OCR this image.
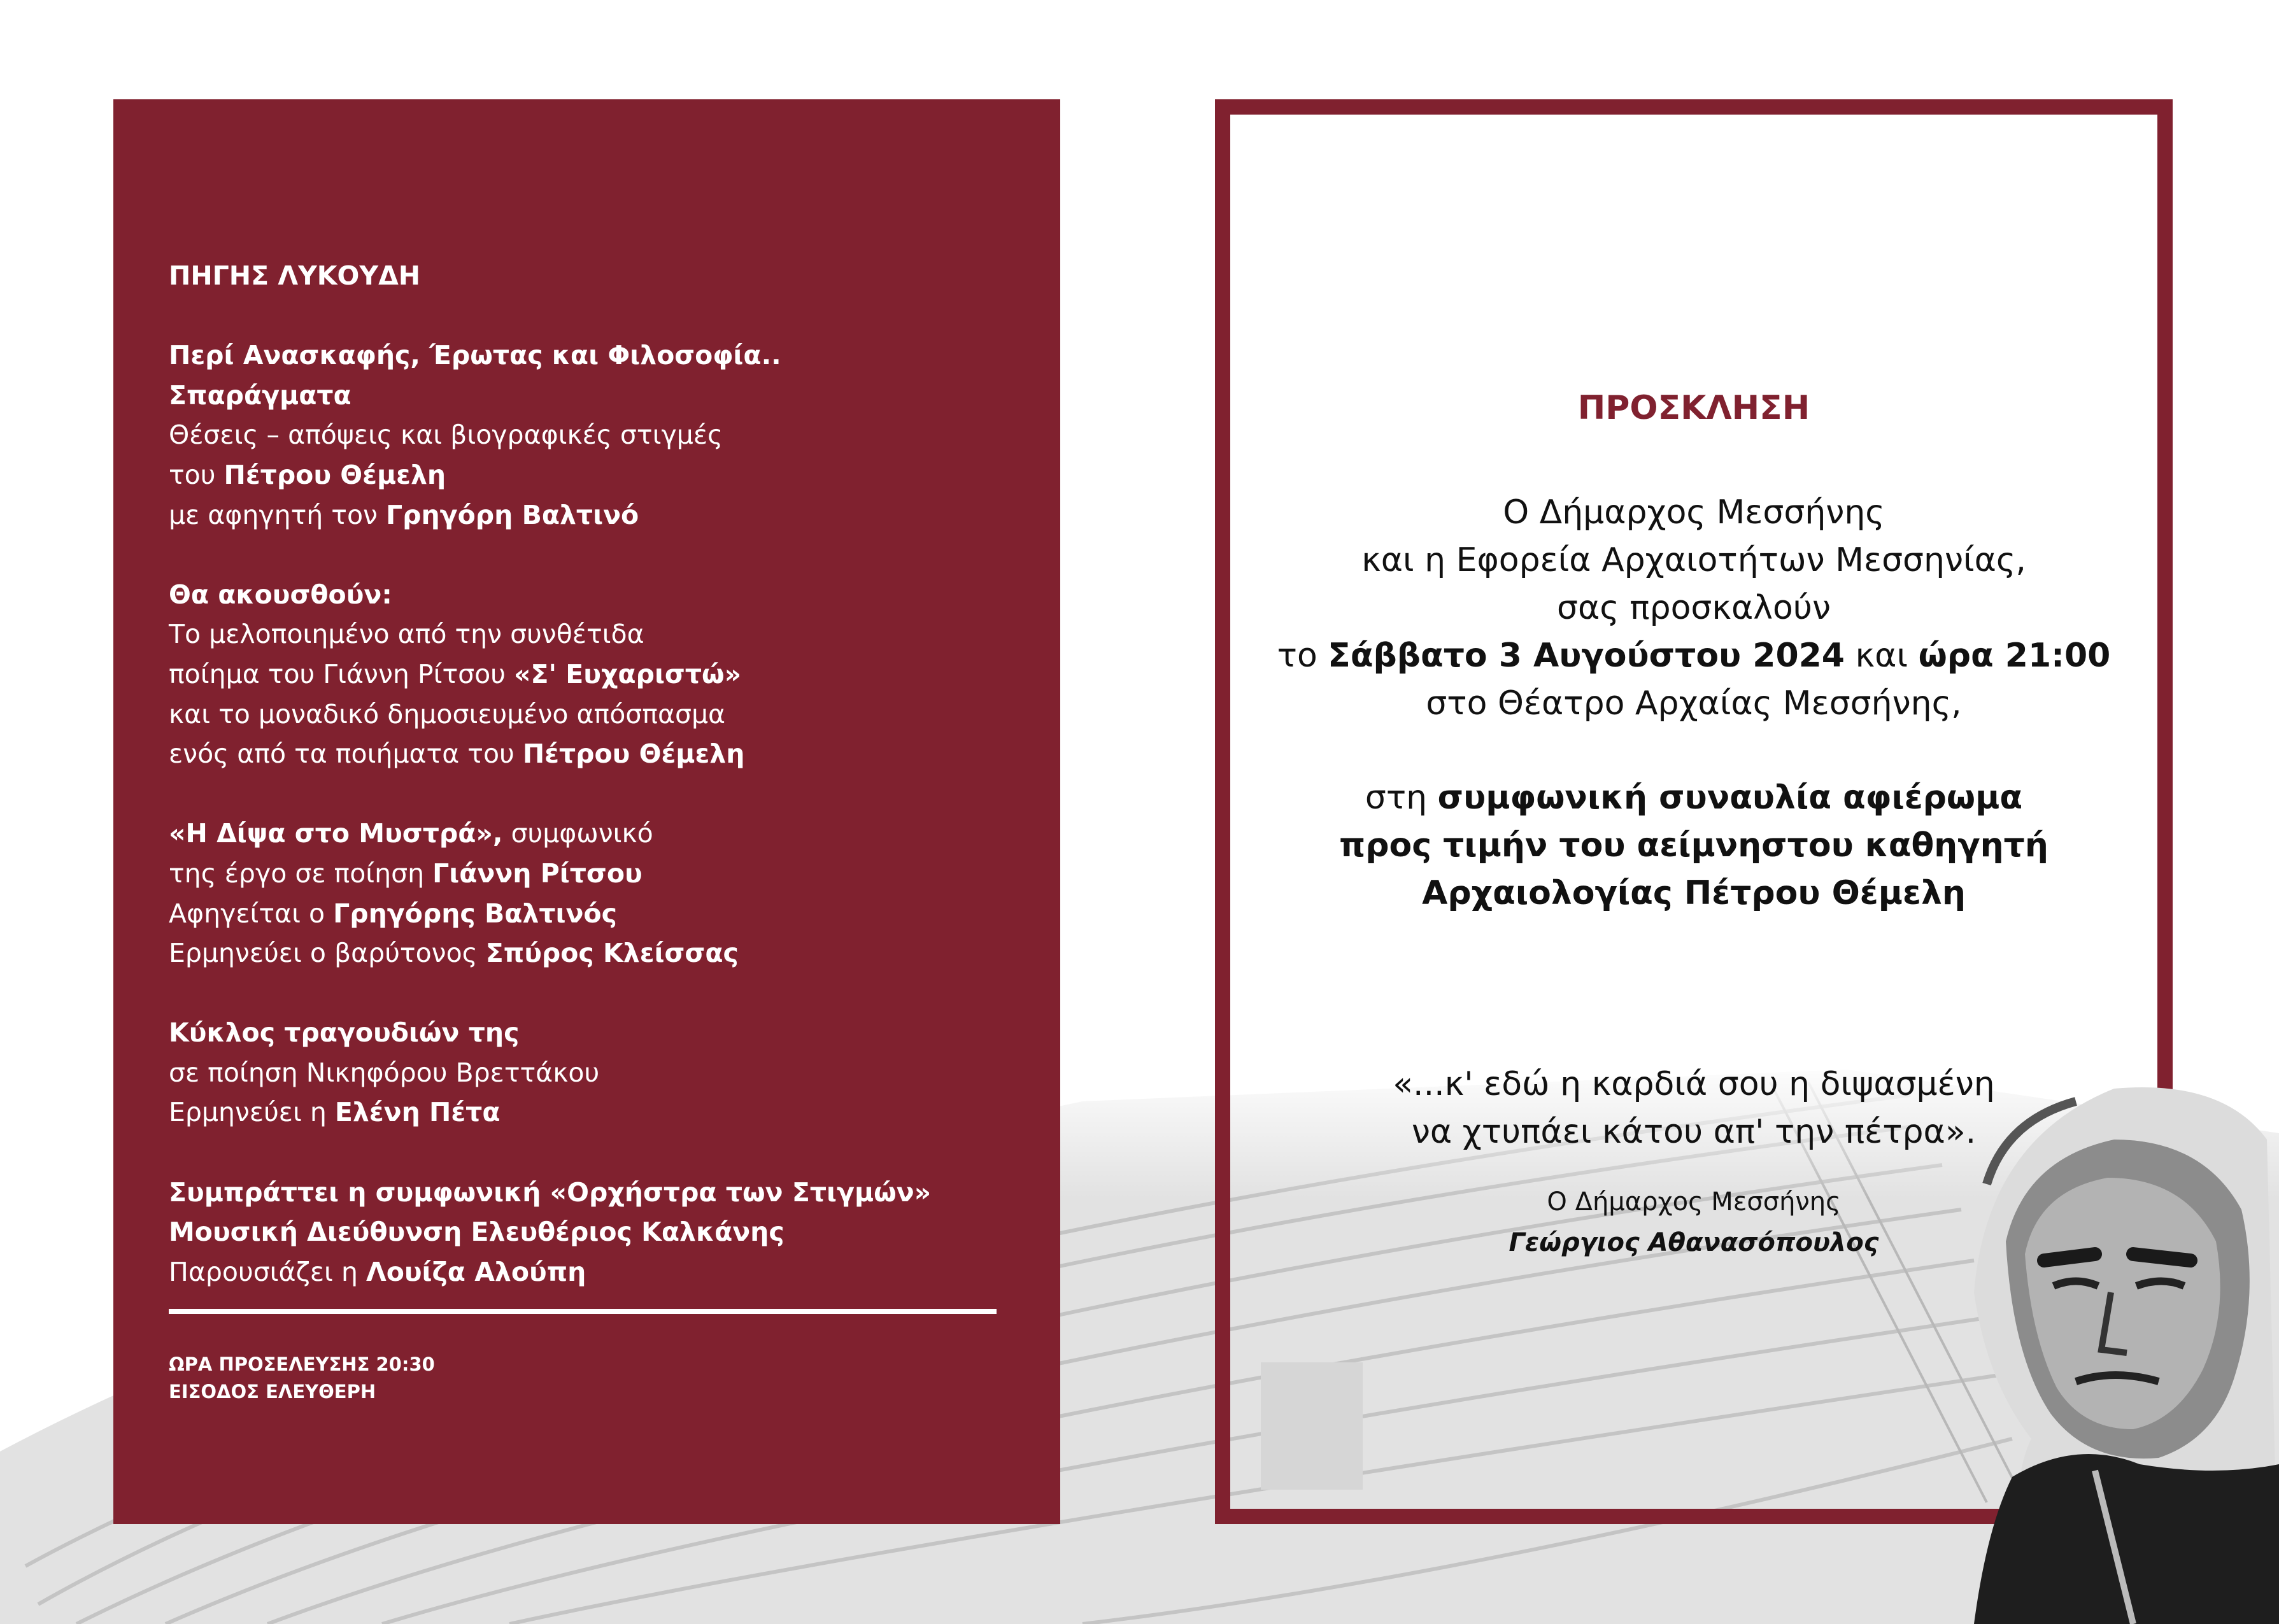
ΠΗΓΗΣ ΛΥΚΟΥΔΗ
Περί Ανασκαφής, Έρωτας και Φιλοσοφία..
Σπαράγματα
Θέσεις – απόψεις και βιογραφικές στιγμές
του Πέτρου Θέμελη
με αφηγητή τον Γρηγόρη Βαλτινό
Θα ακουσθούν:
Το μελοποιημένο από την συνθέτιδα
ποίημα του Γιάννη Ρίτσου «Σ' Ευχαριστώ»
και το μοναδικό δημοσιευμένο απόσπασμα
ενός από τα ποιήματα του Πέτρου Θέμελη
«Η Δίψα στο Μυστρά», συμφωνικό
της έργο σε ποίηση Γιάννη Ρίτσου
Αφηγείται ο Γρηγόρης Βαλτινός
Ερμηνεύει ο βαρύτονος Σπύρος Κλείσσας
Κύκλος τραγουδιών της
σε ποίηση Νικηφόρου Βρεττάκου
Ερμηνεύει η Ελένη Πέτα
Συμπράττει η συμφωνική «Ορχήστρα των Στιγμών»
Μουσική Διεύθυνση Ελευθέριος Καλκάνης
Παρουσιάζει η Λουίζα Αλούπη
ΩΡΑ ΠΡΟΣΕΛΕΥΣΗΣ 20:30
ΕΙΣΟΔΟΣ ΕΛΕΥΘΕΡΗ
ΠΡΟΣΚΛΗΣΗ
Ο Δήμαρχος Μεσσήνης
και η Εφορεία Αρχαιοτήτων Μεσσηνίας,
σας προσκαλούν
το Σάββατο 3 Αυγούστου 2024 και ώρα 21:00
στο Θέατρο Αρχαίας Μεσσήνης,
στη συμφωνική συναυλία αφιέρωμα
προς τιμήν του αείμνηστου καθηγητή
Αρχαιολογίας Πέτρου Θέμελη
«...κ' εδώ η καρδιά σου η διψασμένη
να χτυπάει κάτου απ' την πέτρα».
Ο Δήμαρχος Μεσσήνης
Γεώργιος Αθανασόπουλος
